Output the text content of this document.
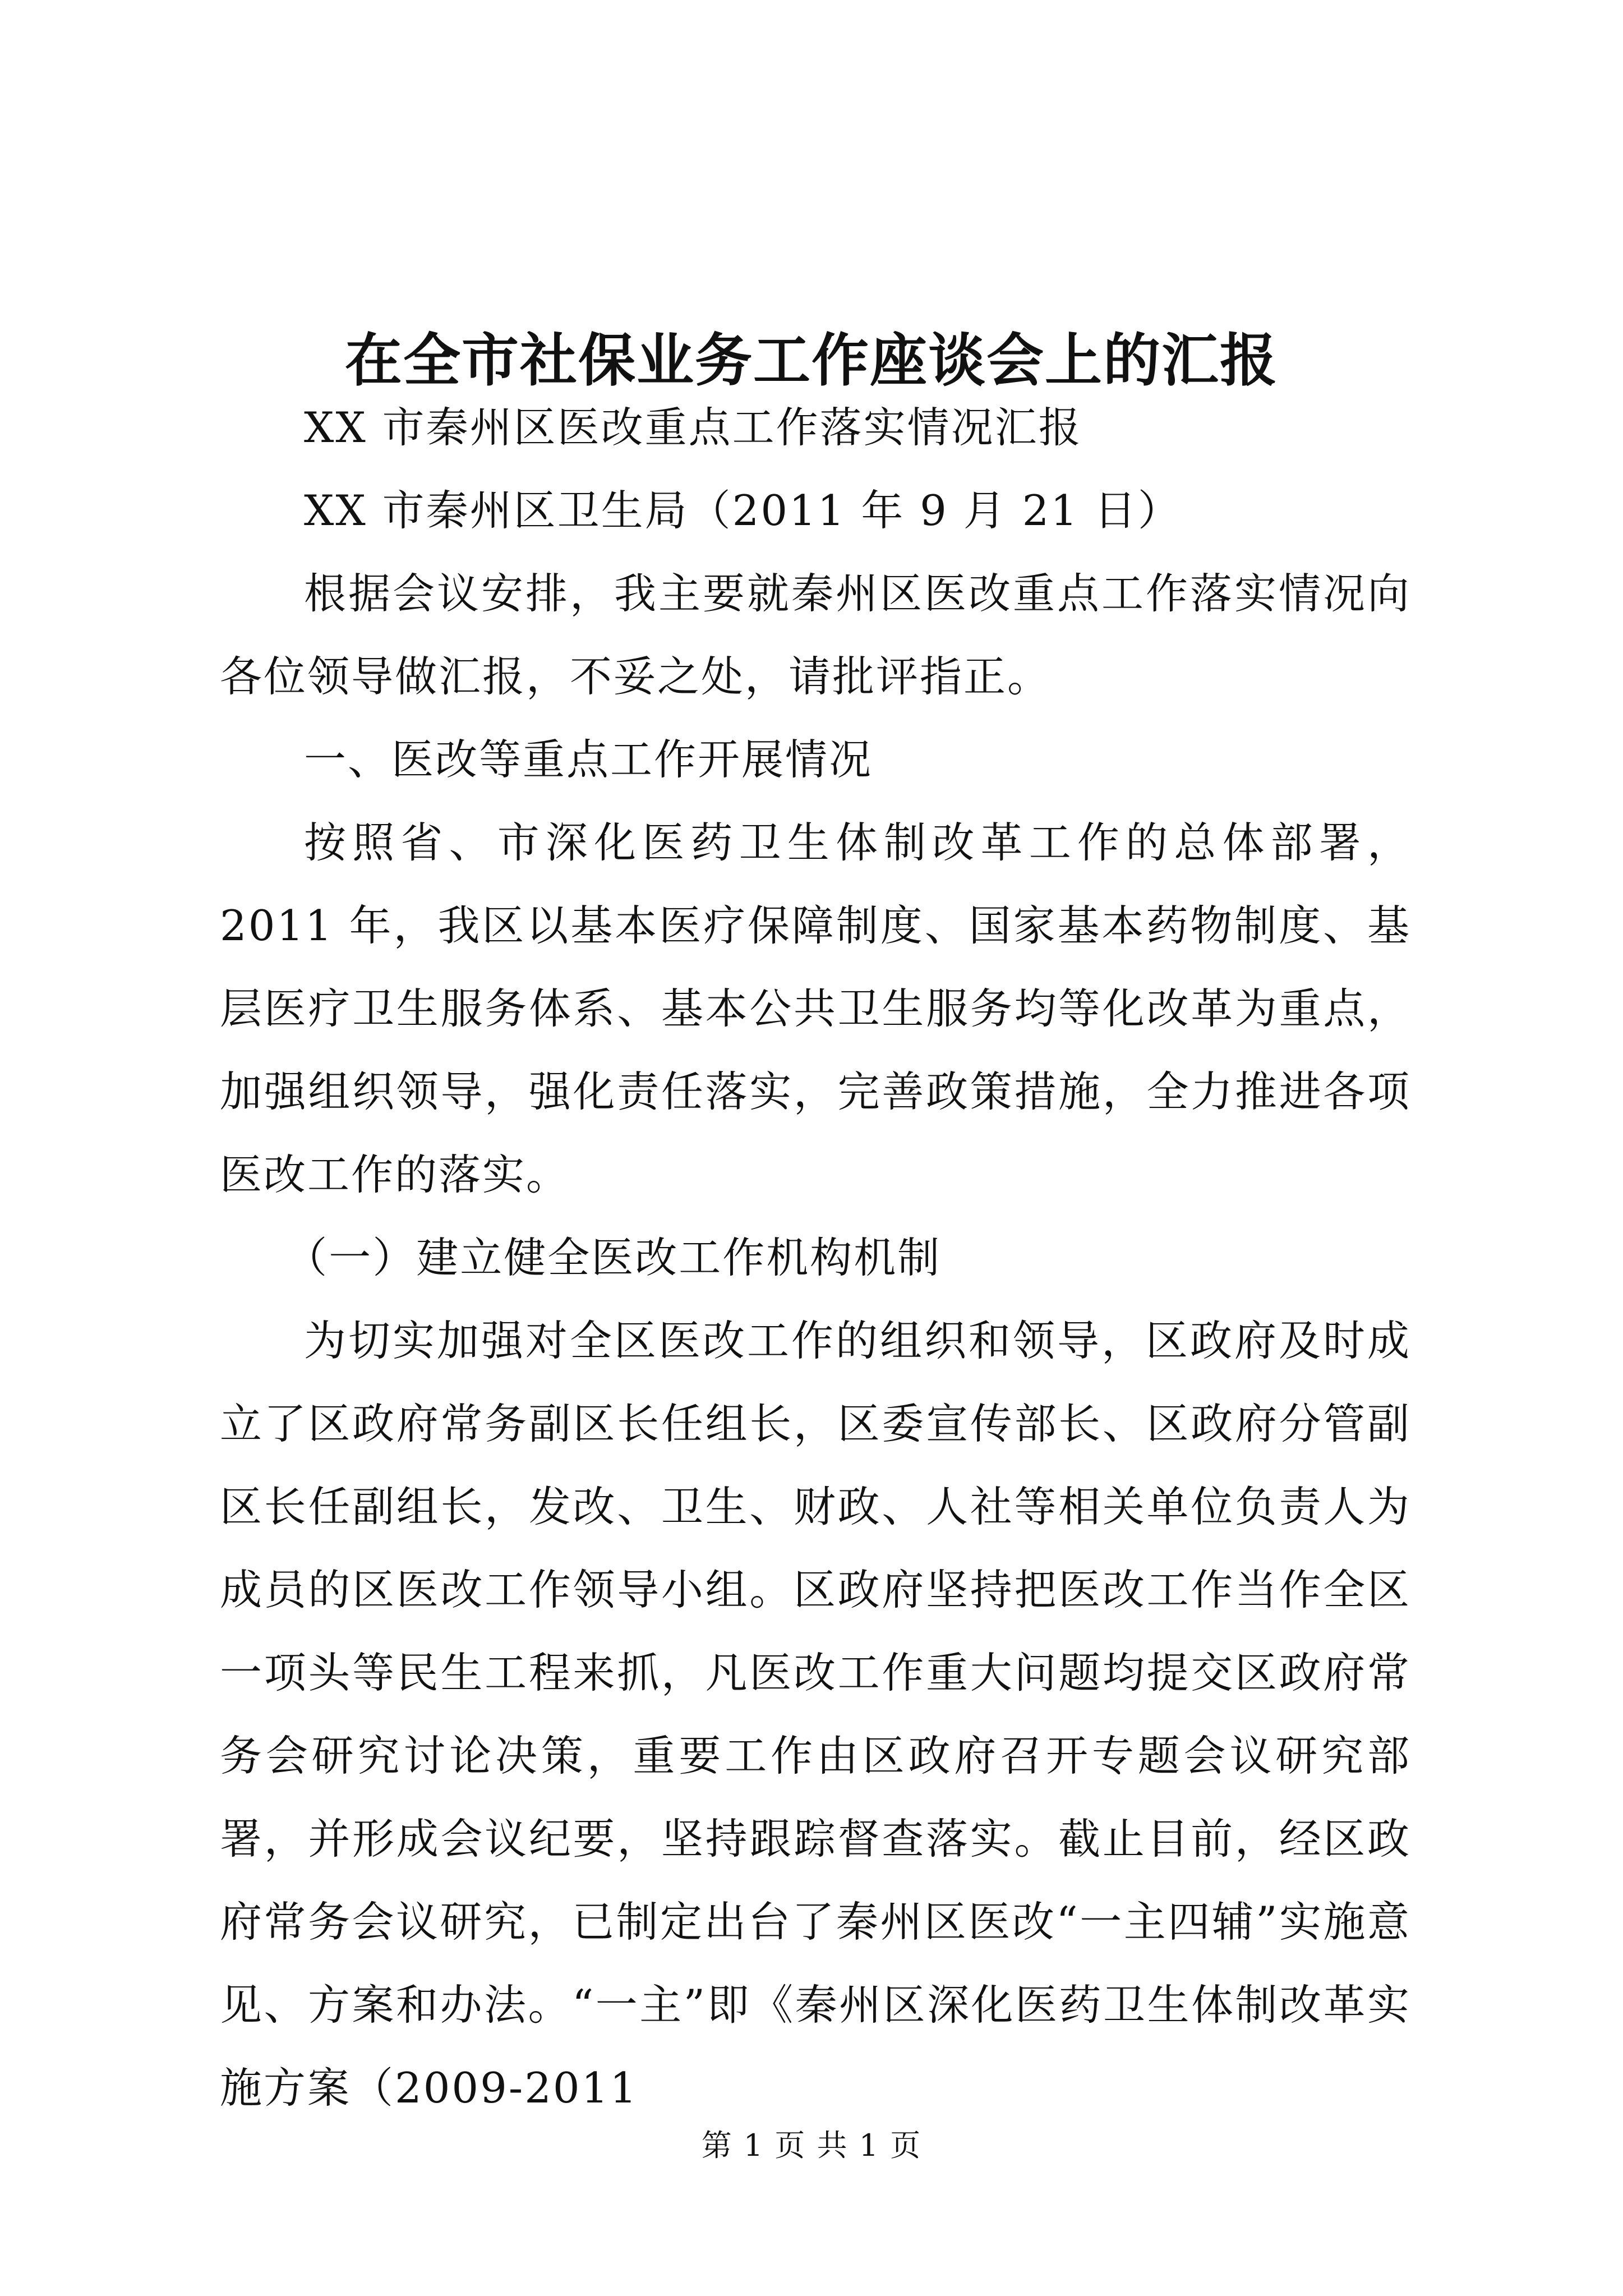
在全市社保业务工作座谈会上的汇报

XX 市秦州区医改重点工作落实情况汇报

XX 市秦州区卫生局（2011 年 9 月 21 日）

根据会议安排，我主要就秦州区医改重点工作落实情况向各位领导做汇报，不妥之处，请批评指正。

一、医改等重点工作开展情况

按照省、市深化医药卫生体制改革工作的总体部署，2011 年，我区以基本医疗保障制度、国家基本药物制度、基层医疗卫生服务体系、基本公共卫生服务均等化改革为重点，加强组织领导，强化责任落实，完善政策措施，全力推进各项医改工作的落实。

（一）建立健全医改工作机构机制

为切实加强对全区医改工作的组织和领导，区政府及时成立了区政府常务副区长任组长，区委宣传部长、区政府分管副区长任副组长，发改、卫生、财政、人社等相关单位负责人为成员的区医改工作领导小组。区政府坚持把医改工作当作全区一项头等民生工程来抓，凡医改工作重大问题均提交区政府常务会研究讨论决策，重要工作由区政府召开专题会议研究部署，并形成会议纪要，坚持跟踪督查落实。截止目前，经区政府常务会议研究，已制定出台了秦州区医改“一主四辅”实施意见、方案和办法。“一主”即《秦州区深化医药卫生体制改革实施方案（2009-2011

第 1 页 共 1 页
